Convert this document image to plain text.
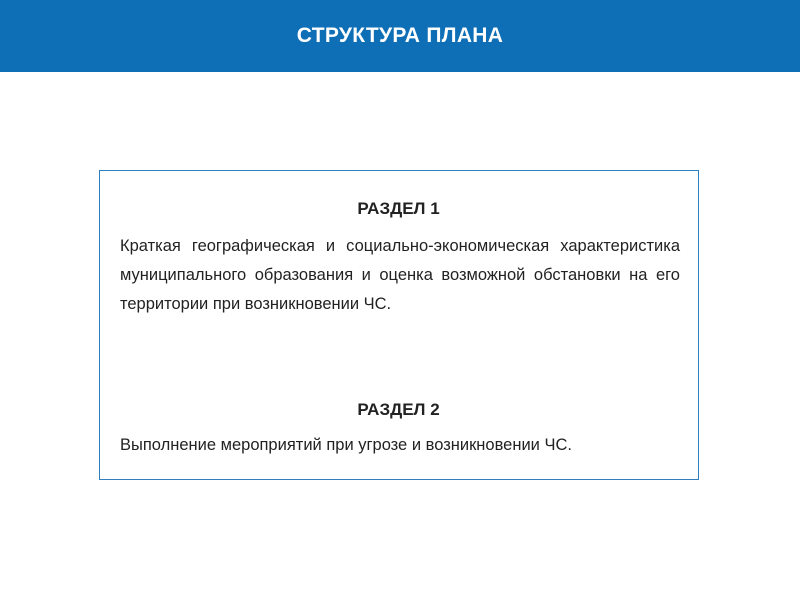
СТРУКТУРА ПЛАНА
РАЗДЕЛ 1

Краткая географическая и социально-экономическая характеристика муниципального образования и оценка возможной обстановки на его территории при возникновении ЧС.

РАЗДЕЛ 2

Выполнение мероприятий при угрозе и возникновении ЧС.
